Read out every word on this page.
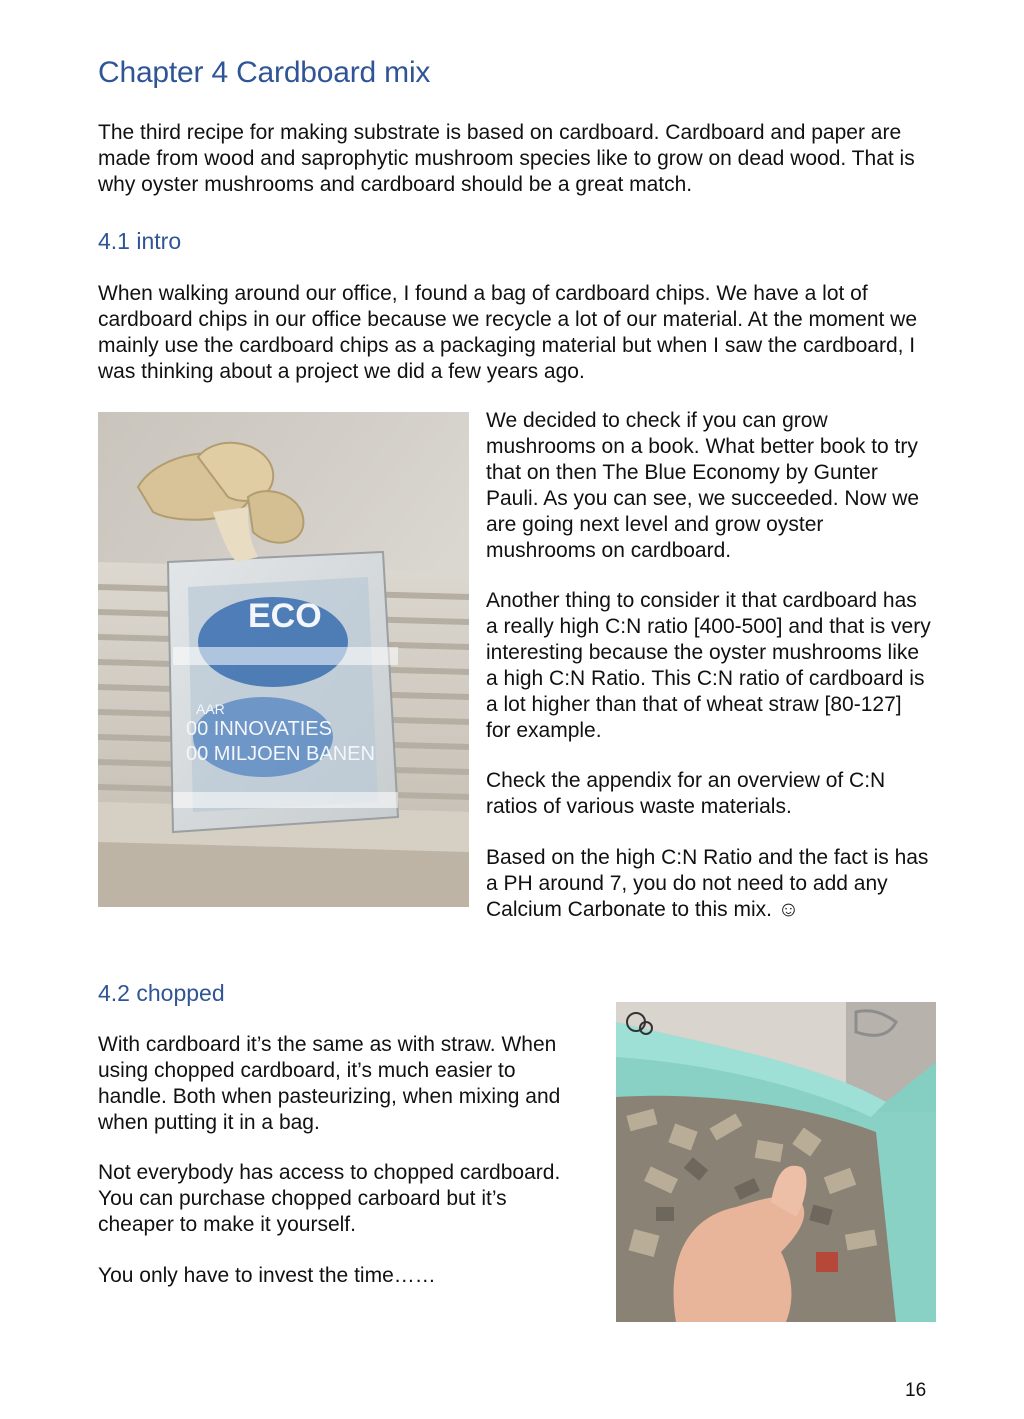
Chapter 4 Cardboard mix

The third recipe for making substrate is based on cardboard. Cardboard and paper are made from wood and saprophytic mushroom species like to grow on dead wood. That is why oyster mushrooms and cardboard should be a great match.

4.1 intro

When walking around our office, I found a bag of cardboard chips. We have a lot of cardboard chips in our office because we recycle a lot of our material. At the moment we mainly use the cardboard chips as a packaging material but when I saw the cardboard, I was thinking about a project we did a few years ago.

ECO
AAR
00 INNOVATIES
00 MILJOEN BANEN

We decided to check if you can grow mushrooms on a book. What better book to try that on then The Blue Economy by Gunter Pauli. As you can see, we succeeded. Now we are going next level and grow oyster mushrooms on cardboard.

Another thing to consider it that cardboard has a really high C:N ratio [400-500] and that is very interesting because the oyster mushrooms like a high C:N Ratio. This C:N ratio of cardboard is a lot higher than that of wheat straw [80-127] for example.

Check the appendix for an overview of C:N ratios of various waste materials.

Based on the high C:N Ratio and the fact is has a PH around 7, you do not need to add any Calcium Carbonate to this mix. ☺

4.2 chopped

With cardboard it’s the same as with straw. When using chopped cardboard, it’s much easier to handle. Both when pasteurizing, when mixing and when putting it in a bag.

Not everybody has access to chopped cardboard. You can purchase chopped carboard but it’s cheaper to make it yourself.

You only have to invest the time……

16
